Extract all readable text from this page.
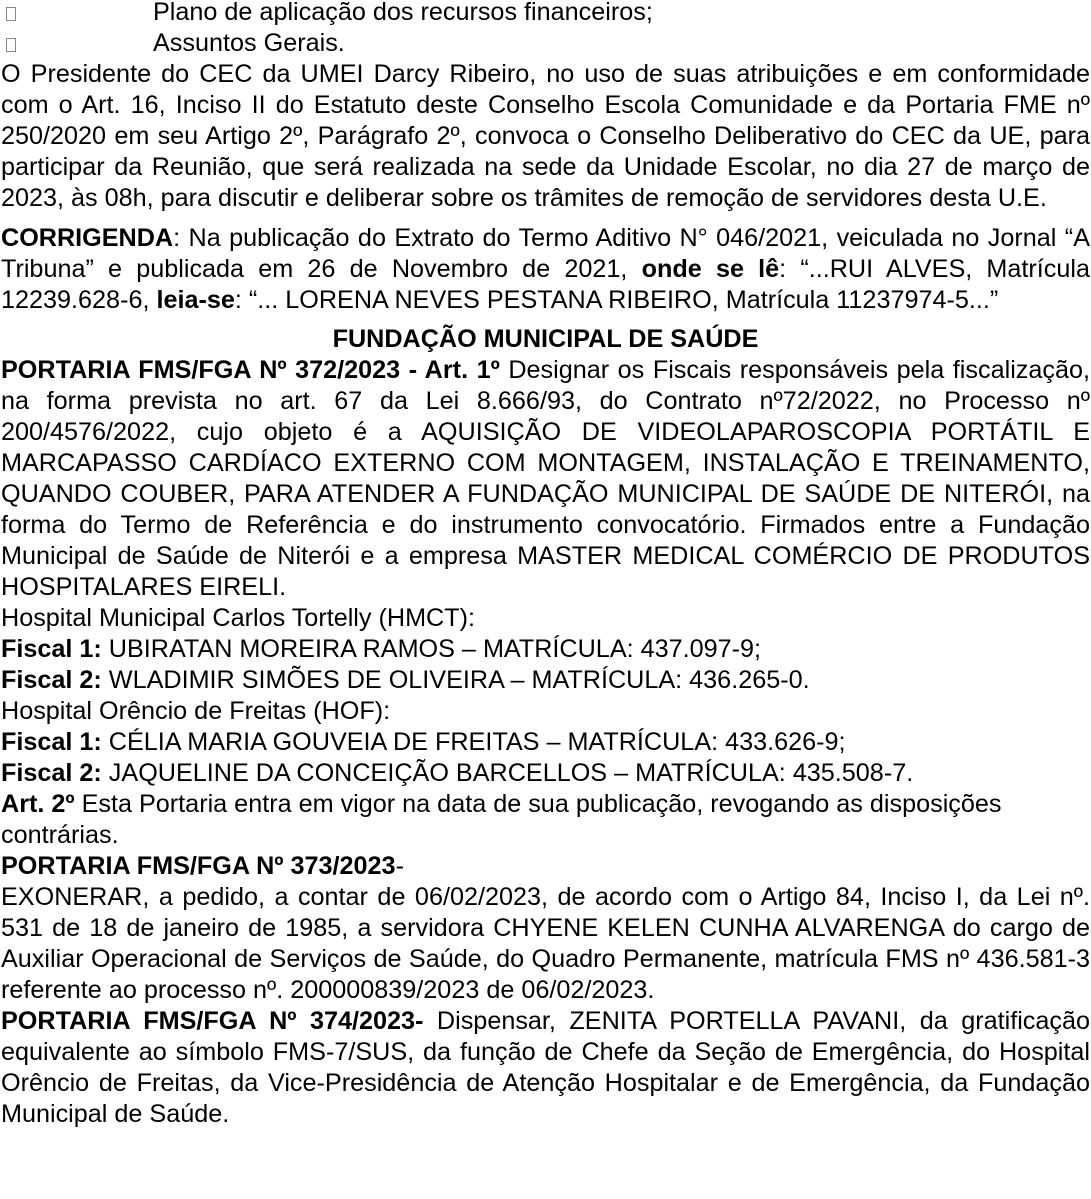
Plano de aplicação dos recursos financeiros;
Assuntos Gerais.

O Presidente do CEC da UMEI Darcy Ribeiro, no uso de suas atribuições e em conformidade com o Art. 16, Inciso II do Estatuto deste Conselho Escola Comunidade e da Portaria FME nº 250/2020 em seu Artigo 2º, Parágrafo 2º, convoca o Conselho Deliberativo do CEC da UE, para participar da Reunião, que será realizada na sede da Unidade Escolar, no dia 27 de março de 2023, às 08h, para discutir e deliberar sobre os trâmites de remoção de servidores desta U.E.

CORRIGENDA: Na publicação do Extrato do Termo Aditivo N° 046/2021, veiculada no Jornal “A Tribuna” e publicada em 26 de Novembro de 2021, onde se lê: “...RUI ALVES, Matrícula 12239.628-6, leia-se: “... LORENA NEVES PESTANA RIBEIRO, Matrícula 11237974-5...”

FUNDAÇÃO MUNICIPAL DE SAÚDE

PORTARIA FMS/FGA Nº 372/2023 - Art. 1º Designar os Fiscais responsáveis pela fiscalização, na forma prevista no art. 67 da Lei 8.666/93, do Contrato nº72/2022, no Processo nº 200/4576/2022, cujo objeto é a AQUISIÇÃO DE VIDEOLAPAROSCOPIA PORTÁTIL E MARCAPASSO CARDÍACO EXTERNO COM MONTAGEM, INSTALAÇÃO E TREINAMENTO, QUANDO COUBER, PARA ATENDER A FUNDAÇÃO MUNICIPAL DE SAÚDE DE NITERÓI, na forma do Termo de Referência e do instrumento convocatório. Firmados entre a Fundação Municipal de Saúde de Niterói e a empresa MASTER MEDICAL COMÉRCIO DE PRODUTOS HOSPITALARES EIRELI.

Hospital Municipal Carlos Tortelly (HMCT):

Fiscal 1: UBIRATAN MOREIRA RAMOS – MATRÍCULA: 437.097-9;

Fiscal 2: WLADIMIR SIMÕES DE OLIVEIRA – MATRÍCULA: 436.265-0.

Hospital Orêncio de Freitas (HOF):

Fiscal 1: CÉLIA MARIA GOUVEIA DE FREITAS – MATRÍCULA: 433.626-9;

Fiscal 2: JAQUELINE DA CONCEIÇÃO BARCELLOS – MATRÍCULA: 435.508-7.

Art. 2º Esta Portaria entra em vigor na data de sua publicação, revogando as disposições contrárias.

PORTARIA FMS/FGA Nº 373/2023-

EXONERAR, a pedido, a contar de 06/02/2023, de acordo com o Artigo 84, Inciso I, da Lei nº. 531 de 18 de janeiro de 1985, a servidora CHYENE KELEN CUNHA ALVARENGA do cargo de Auxiliar Operacional de Serviços de Saúde, do Quadro Permanente, matrícula FMS nº 436.581-3 referente ao processo nº. 200000839/2023 de 06/02/2023.

PORTARIA FMS/FGA Nº 374/2023- Dispensar, ZENITA PORTELLA PAVANI, da gratificação equivalente ao símbolo FMS-7/SUS, da função de Chefe da Seção de Emergência, do Hospital Orêncio de Freitas, da Vice-Presidência de Atenção Hospitalar e de Emergência, da Fundação Municipal de Saúde.
